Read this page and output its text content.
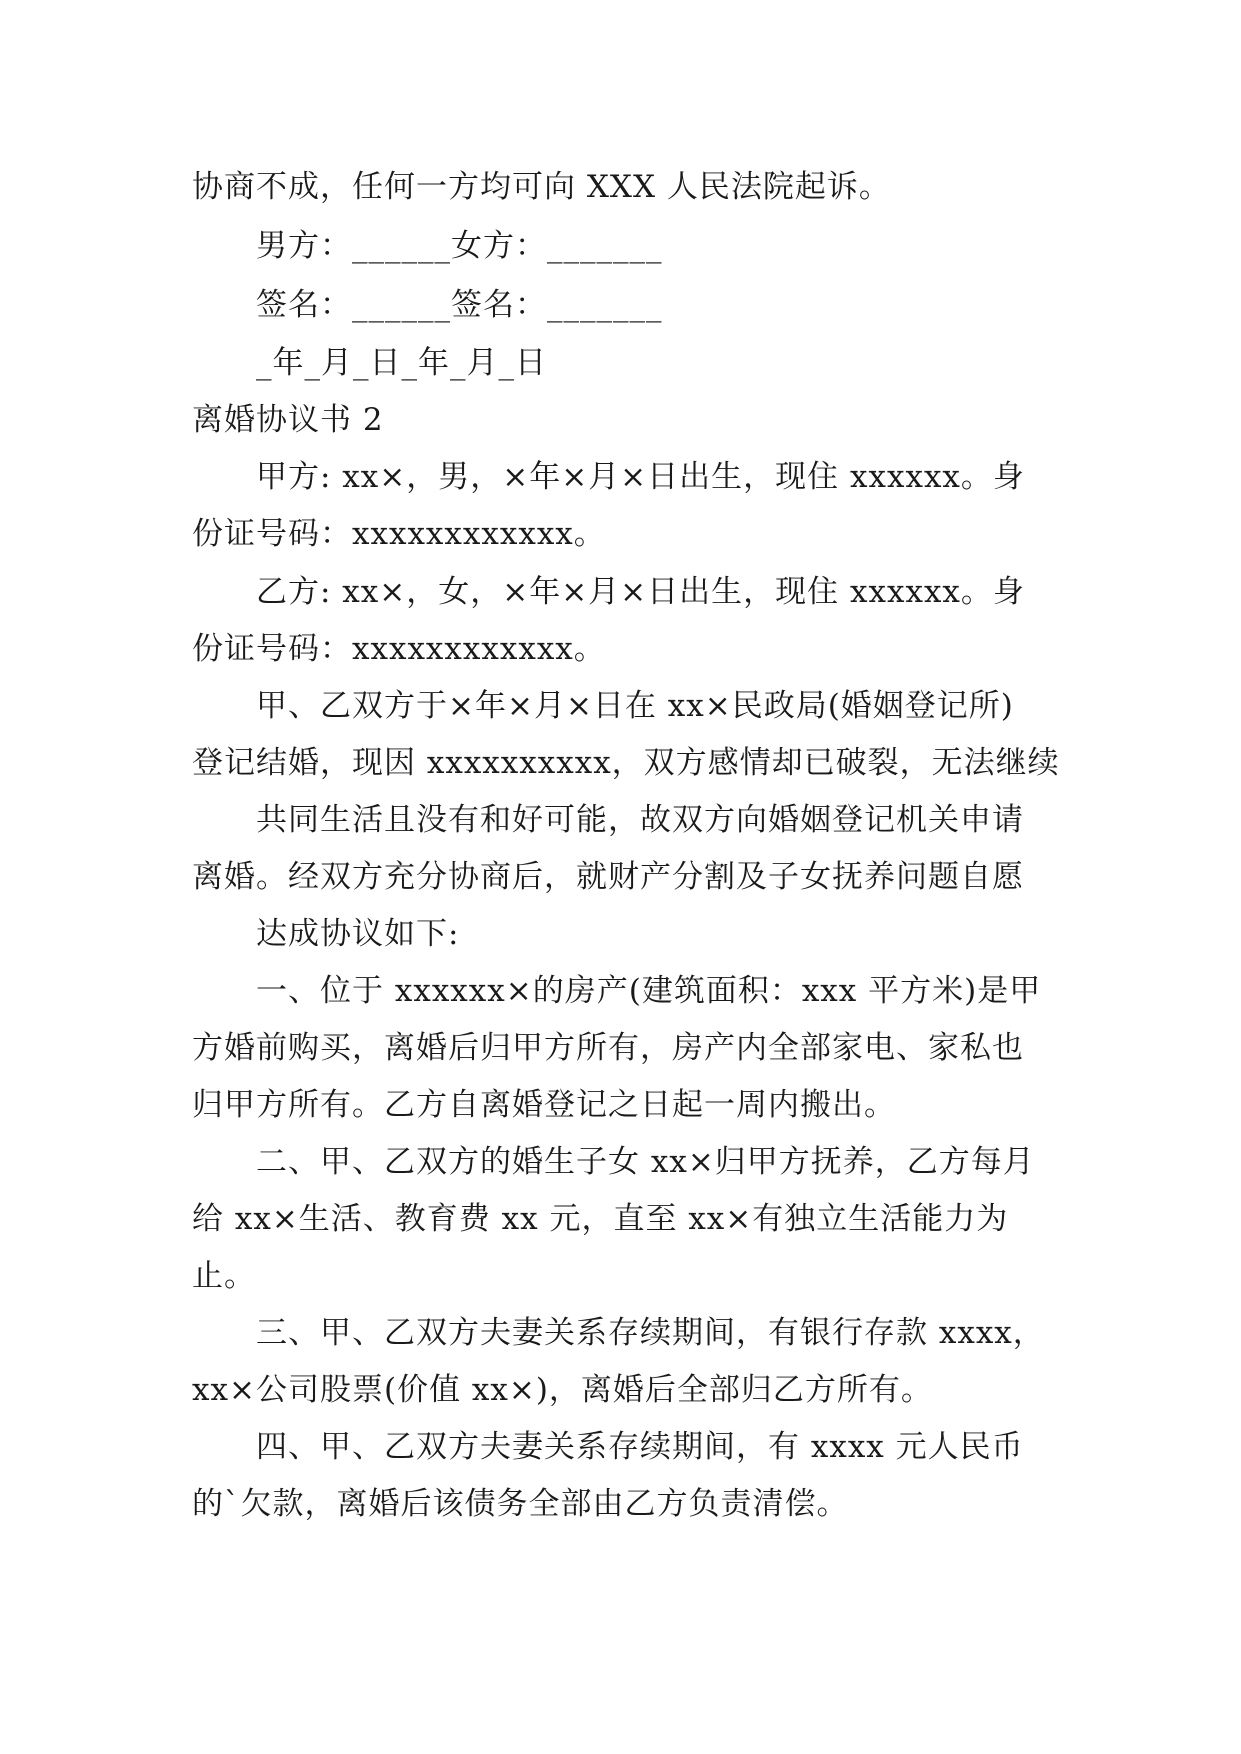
协商不成，任何一方均可向 XXX 人民法院起诉。
男方：______女方：_______
签名：______签名：_______
_年_月_日_年_月_日
离婚协议书 2
甲方: xx×，男，×年×月×日出生，现住 xxxxxx。身
份证号码：xxxxxxxxxxxx。
乙方: xx×，女，×年×月×日出生，现住 xxxxxx。身
份证号码：xxxxxxxxxxxx。
甲、乙双方于×年×月×日在 xx×民政局(婚姻登记所)
登记结婚，现因 xxxxxxxxxx，双方感情却已破裂，无法继续
共同生活且没有和好可能，故双方向婚姻登记机关申请
离婚。经双方充分协商后，就财产分割及子女抚养问题自愿
达成协议如下:
一、位于 xxxxxx×的房产(建筑面积：xxx 平方米)是甲
方婚前购买，离婚后归甲方所有，房产内全部家电、家私也
归甲方所有。乙方自离婚登记之日起一周内搬出。
二、甲、乙双方的婚生子女 xx×归甲方抚养，乙方每月
给 xx×生活、教育费 xx 元，直至 xx×有独立生活能力为
止。
三、甲、乙双方夫妻关系存续期间，有银行存款 xxxx，
xx×公司股票(价值 xx×)，离婚后全部归乙方所有。
四、甲、乙双方夫妻关系存续期间，有 xxxx 元人民币
的`欠款，离婚后该债务全部由乙方负责清偿。
